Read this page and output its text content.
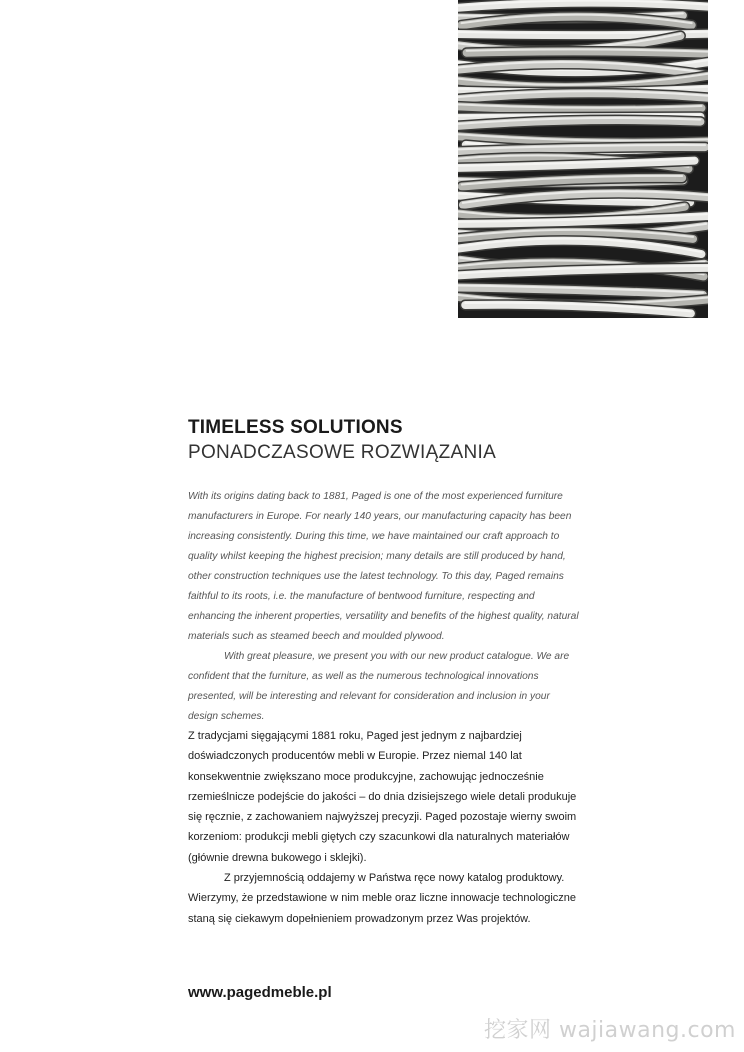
TIMELESS SOLUTIONS
PONADCZASOWE ROZWIĄZANIA

With its origins dating back to 1881, Paged is one of the most experienced furniture manufacturers in Europe. For nearly 140 years, our manufacturing capacity has been increasing consistently. During this time, we have maintained our craft approach to quality whilst keeping the highest precision; many details are still produced by hand, other construction techniques use the latest technology. To this day, Paged remains faithful to its roots, i.e. the manufacture of bentwood furniture, respecting and enhancing the inherent properties, versatility and benefits of the highest quality, natural materials such as steamed beech and moulded plywood.

With great pleasure, we present you with our new product catalogue. We are confident that the furniture, as well as the numerous technological innovations presented, will be interesting and relevant for consideration and inclusion in your design schemes.

Z tradycjami sięgającymi 1881 roku, Paged jest jednym z najbardziej doświadczonych producentów mebli w Europie. Przez niemal 140 lat konsekwentnie zwiększano moce produkcyjne, zachowując jednocześnie rzemieślnicze podejście do jakości – do dnia dzisiejszego wiele detali produkuje się ręcznie, z zachowaniem najwyższej precyzji. Paged pozostaje wierny swoim korzeniom: produkcji mebli giętych czy szacunkowi dla naturalnych materiałów (głównie drewna bukowego i sklejki).

Z przyjemnością oddajemy w Państwa ręce nowy katalog produktowy. Wierzymy, że przedstawione w nim meble oraz liczne innowacje technologiczne staną się ciekawym dopełnieniem prowadzonym przez Was projektów.

www.pagedmeble.pl
挖家网 wajiawang.com
